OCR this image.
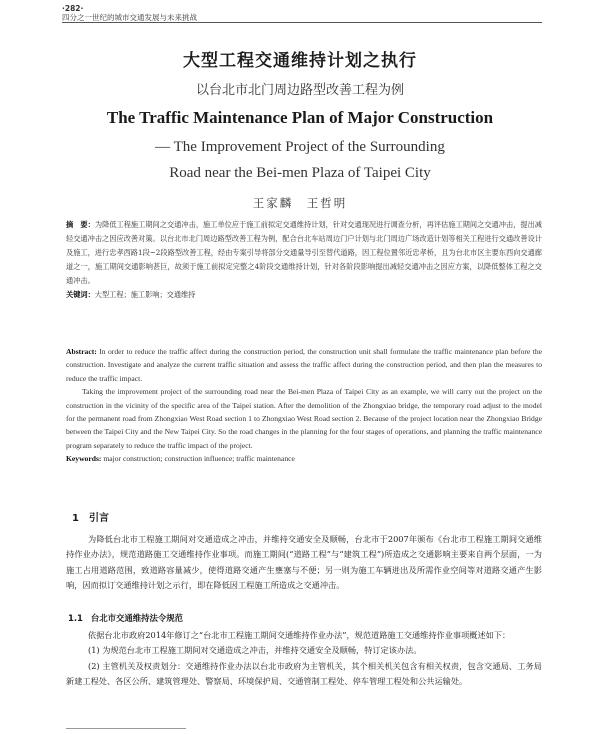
·282·
四分之一世纪的城市交通发展与未来挑战
大型工程交通维持计划之执行
以台北市北门周边路型改善工程为例
The Traffic Maintenance Plan of Major Construction
— The Improvement Project of the Surrounding
Road near the Bei-men Plaza of Taipei City
王家麟　王哲明
摘　要：为降低工程施工期间之交通冲击，施工单位应于施工前拟定交通维持计划，针对交通现况进行调查分析，再评估施工期间之交通冲击，提出减轻交通冲击之因应改善对策。以台北市北门周边路型改善工程为例，配合台北车站周边门户计划与北门周边广场改造计划等相关工程进行交通改善设计及施工，进行忠孝西路1段~2段路型改善工程，经由专案引导将部分交通量导引至替代道路，因工程位置邻近忠孝桥，且为台北市区主要东西向交通廊道之一，施工期间交通影响甚巨，故须于施工前拟定完整之4阶段交通维持计划，针对各阶段影响提出减轻交通冲击之因应方案，以降低整体工程之交通冲击。
关键词：大型工程；施工影响；交通维持

Abstract: In order to reduce the traffic affect during the construction period, the construction unit shall formulate the traffic maintenance plan before the construction. Investigate and analyze the current traffic situation and assess the traffic affect during the construction period, and then plan the measures to reduce the traffic impact.

Taking the improvement project of the surrounding road near the Bei-men Plaza of Taipei City as an example, we will carry out the project on the construction in the vicinity of the specific area of the Taipei station. After the demolition of the Zhongxiao bridge, the temporary road adjust to the model for the permanent road from Zhongxiao West Road section 1 to Zhongxiao West Road section 2. Because of the project location near the Zhongxiao Bridge between the Taipei City and the New Taipei City. So the road changes in the planning for the four stages of operations, and planning the traffic maintenance program separately to reduce the traffic impact of the project.

Keywords: major construction; construction influence; traffic maintenance

1 引言

为降低台北市工程施工期间对交通造成之冲击，并维持交通安全及顺畅，台北市于2007年颁布《台北市工程施工期间交通维持作业办法》，规范道路施工交通维持作业事项。而施工期间(“道路工程”与“建筑工程”)所造成之交通影响主要来自两个层面，一为施工占用道路范围，致道路容量减少，使得道路交通产生壅塞与不便；另一则为施工车辆进出及所需作业空间等对道路交通产生影响，因而拟订交通维持计划之示行，即在降低因工程施工所造成之交通冲击。

1.1 台北市交通维持法令规范

依据台北市政府2014年修订之“台北市工程施工期间交通维持作业办法”，规范道路施工交通维持作业事项概述如下：

(1) 为规范台北市工程施工期间对交通造成之冲击，并维持交通安全及顺畅，特订定该办法。

(2) 主管机关及权责划分：交通维持作业办法以台北市政府为主管机关，其个相关机关包含有相关权责，包含交通局、工务局新建工程处、各区公所、建筑管理处、警察局、环境保护局、交通管制工程处、停车管理工程处和公共运输处。
